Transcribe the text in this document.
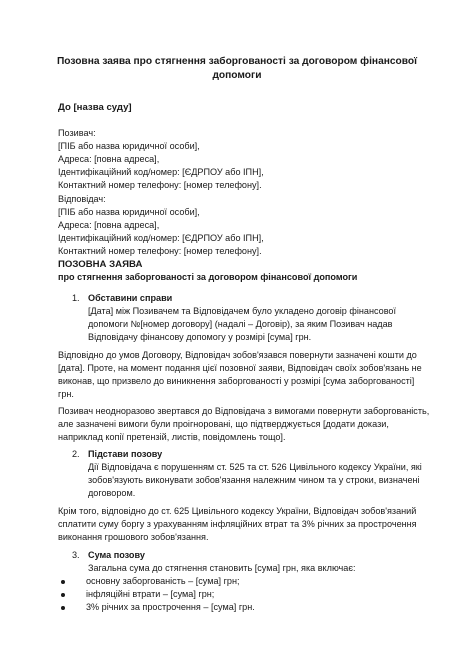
Позовна заява про стягнення заборгованості за договором фінансової
допомоги
До [назва суду]
Позивач:
[ПІБ або назва юридичної особи],
Адреса: [повна адреса],
Ідентифікаційний код/номер: [ЄДРПОУ або ІПН],
Контактний номер телефону: [номер телефону].
Відповідач:
[ПІБ або назва юридичної особи],
Адреса: [повна адреса],
Ідентифікаційний код/номер: [ЄДРПОУ або ІПН],
Контактний номер телефону: [номер телефону].
ПОЗОВНА ЗАЯВА
про стягнення заборгованості за договором фінансової допомоги
1. Обставини справи
[Дата] між Позивачем та Відповідачем було укладено договір фінансової
допомоги №[номер договору] (надалі – Договір), за яким Позивач надав
Відповідачу фінансову допомогу у розмірі [сума] грн.
Відповідно до умов Договору, Відповідач зобов'язався повернути зазначені кошти до
[дата]. Проте, на момент подання цієї позовної заяви, Відповідач своїх зобов'язань не
виконав, що призвело до виникнення заборгованості у розмірі [сума заборгованості]
грн.
Позивач неодноразово звертався до Відповідача з вимогами повернути заборгованість,
але зазначені вимоги були проігноровані, що підтверджується [додати докази,
наприклад копії претензій, листів, повідомлень тощо].
2. Підстави позову
Дії Відповідача є порушенням ст. 525 та ст. 526 Цивільного кодексу України, які
зобов'язують виконувати зобов'язання належним чином та у строки, визначені
договором.
Крім того, відповідно до ст. 625 Цивільного кодексу України, Відповідач зобов'язаний
сплатити суму боргу з урахуванням інфляційних втрат та 3% річних за прострочення
виконання грошового зобов'язання.
3. Сума позову
Загальна сума до стягнення становить [сума] грн, яка включає:
основну заборгованість – [сума] грн;
інфляційні втрати – [сума] грн;
3% річних за прострочення – [сума] грн.
